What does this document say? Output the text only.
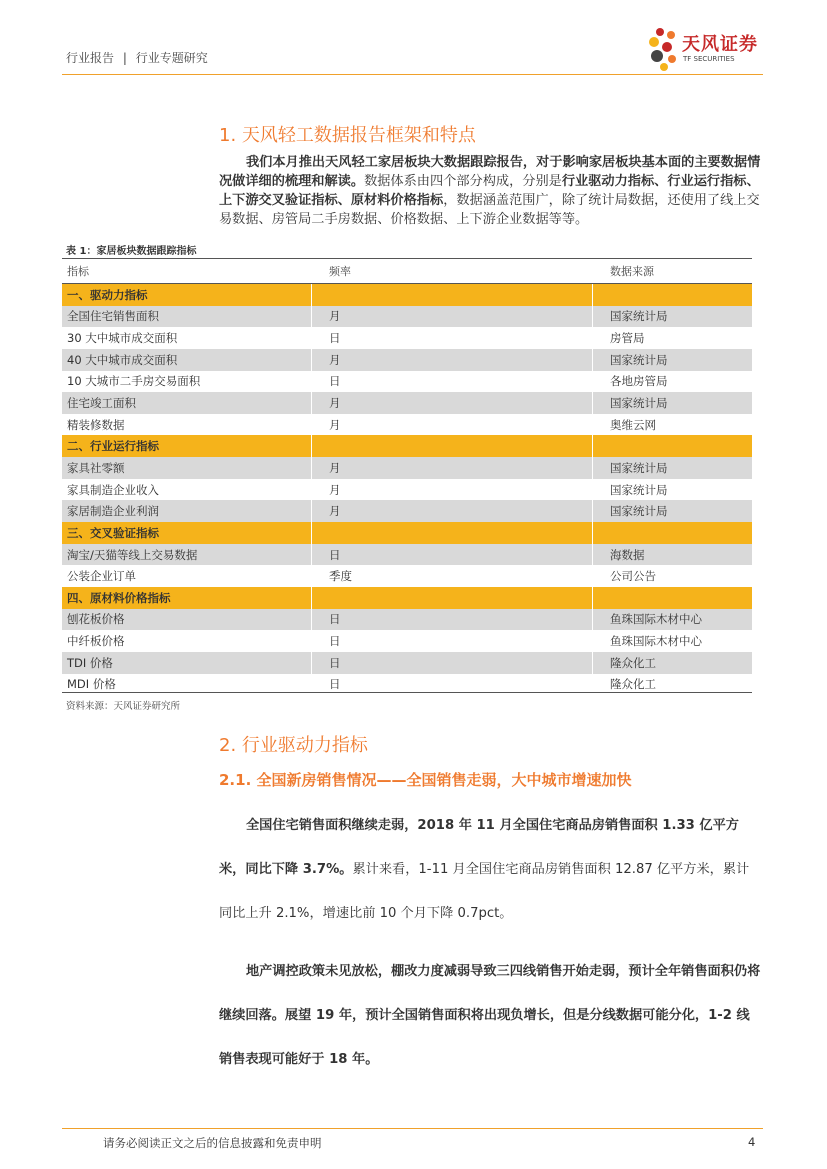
行业报告 | 行业专题研究
天风证券
TF SECURITIES
1. 天风轻工数据报告框架和特点
我们本月推出天风轻工家居板块大数据跟踪报告，对于影响家居板块基本面的主要数据情况做详细的梳理和解读。数据体系由四个部分构成，分别是行业驱动力指标、行业运行指标、上下游交叉验证指标、原材料价格指标，数据涵盖范围广，除了统计局数据，还使用了线上交易数据、房管局二手房数据、价格数据、上下游企业数据等等。
表 1：家居板块数据跟踪指标
指标	频率	数据来源
一、驱动力指标
全国住宅销售面积	月	国家统计局
30 大中城市成交面积	日	房管局
40 大中城市成交面积	月	国家统计局
10 大城市二手房交易面积	日	各地房管局
住宅竣工面积	月	国家统计局
精装修数据	月	奥维云网
二、行业运行指标
家具社零额	月	国家统计局
家具制造企业收入	月	国家统计局
家居制造企业利润	月	国家统计局
三、交叉验证指标
淘宝/天猫等线上交易数据	日	海数据
公装企业订单	季度	公司公告
四、原材料价格指标
刨花板价格	日	鱼珠国际木材中心
中纤板价格	日	鱼珠国际木材中心
TDI 价格	日	隆众化工
MDI 价格	日	隆众化工
资料来源：天风证券研究所
2. 行业驱动力指标
2.1. 全国新房销售情况——全国销售走弱，大中城市增速加快
全国住宅销售面积继续走弱，2018 年 11 月全国住宅商品房销售面积 1.33 亿平方米，同比下降 3.7%。累计来看，1-11 月全国住宅商品房销售面积 12.87 亿平方米，累计同比上升 2.1%，增速比前 10 个月下降 0.7pct。
地产调控政策未见放松，棚改力度减弱导致三四线销售开始走弱，预计全年销售面积仍将继续回落。展望 19 年，预计全国销售面积将出现负增长，但是分线数据可能分化，1-2 线销售表现可能好于 18 年。
请务必阅读正文之后的信息披露和免责申明	4
